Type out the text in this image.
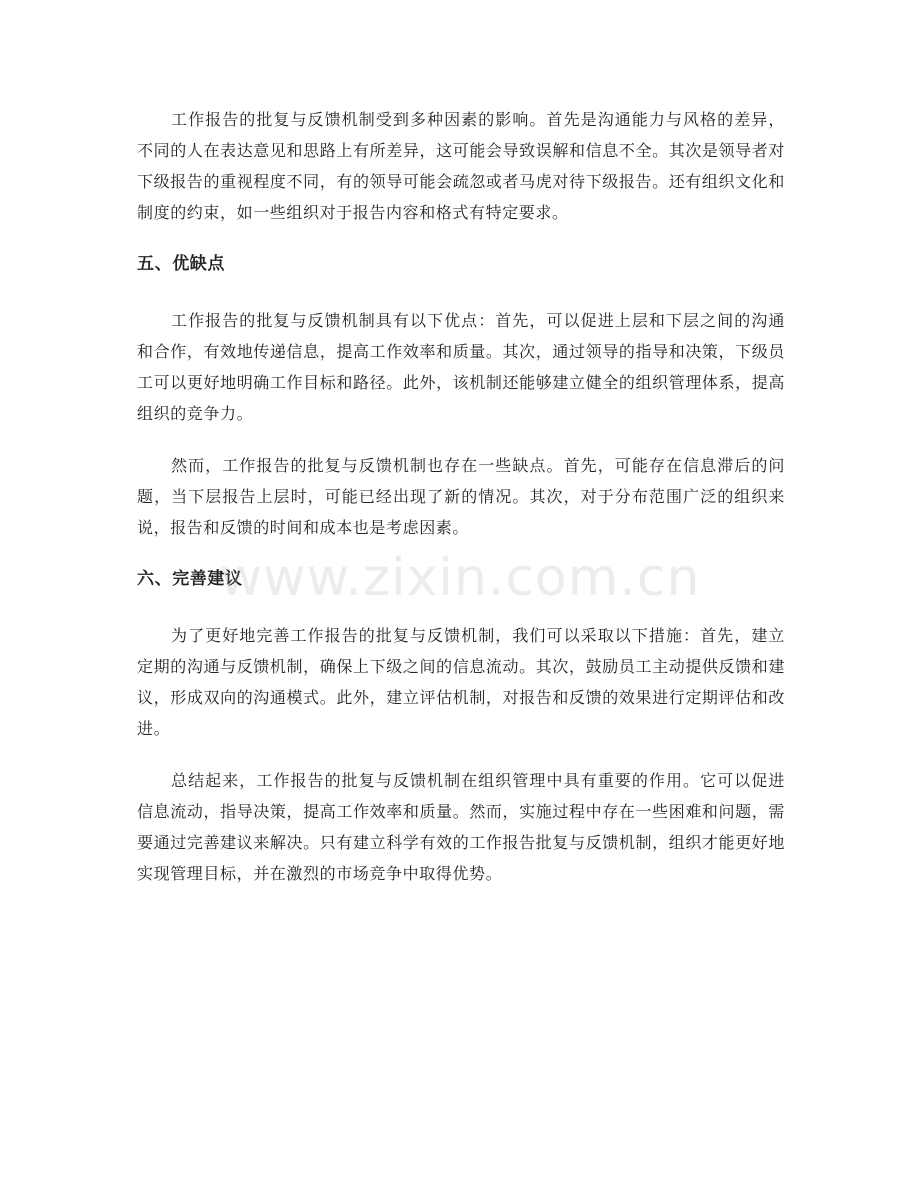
工作报告的批复与反馈机制受到多种因素的影响。首先是沟通能力与风格的差异，不同的人在表达意见和思路上有所差异，这可能会导致误解和信息不全。其次是领导者对下级报告的重视程度不同，有的领导可能会疏忽或者马虎对待下级报告。还有组织文化和制度的约束，如一些组织对于报告内容和格式有特定要求。

五、优缺点

工作报告的批复与反馈机制具有以下优点：首先，可以促进上层和下层之间的沟通和合作，有效地传递信息，提高工作效率和质量。其次，通过领导的指导和决策，下级员工可以更好地明确工作目标和路径。此外，该机制还能够建立健全的组织管理体系，提高组织的竞争力。

然而，工作报告的批复与反馈机制也存在一些缺点。首先，可能存在信息滞后的问题，当下层报告上层时，可能已经出现了新的情况。其次，对于分布范围广泛的组织来说，报告和反馈的时间和成本也是考虑因素。

六、完善建议

为了更好地完善工作报告的批复与反馈机制，我们可以采取以下措施：首先，建立定期的沟通与反馈机制，确保上下级之间的信息流动。其次，鼓励员工主动提供反馈和建议，形成双向的沟通模式。此外，建立评估机制，对报告和反馈的效果进行定期评估和改进。

总结起来，工作报告的批复与反馈机制在组织管理中具有重要的作用。它可以促进信息流动，指导决策，提高工作效率和质量。然而，实施过程中存在一些困难和问题，需要通过完善建议来解决。只有建立科学有效的工作报告批复与反馈机制，组织才能更好地实现管理目标，并在激烈的市场竞争中取得优势。

www.zixin.com.cn
